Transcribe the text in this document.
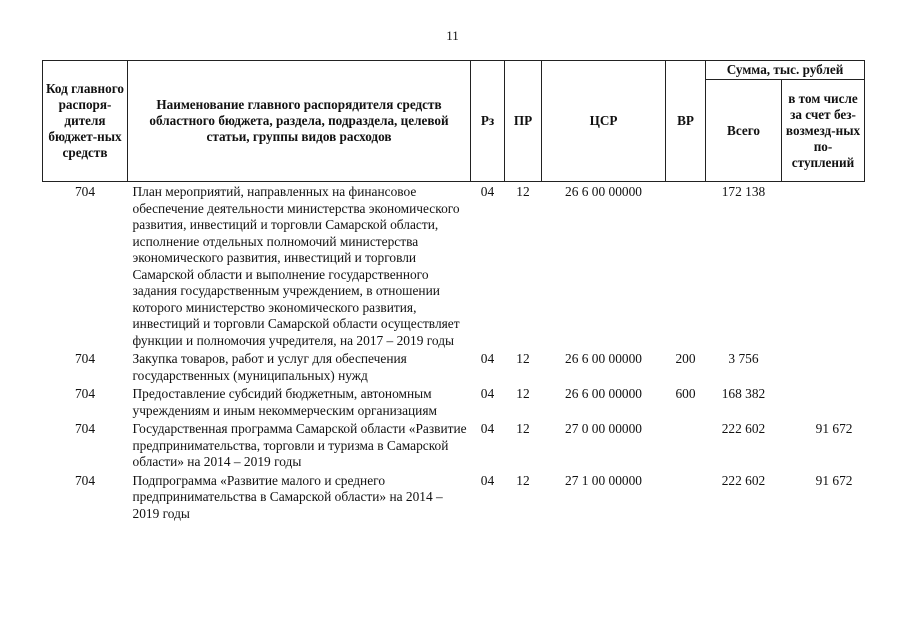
11
Код главного распоря-дителя бюджет-ных средств	Наименование главного распорядителя средств областного бюджета, раздела, подраздела, целевой статьи, группы видов расходов	Рз	ПР	ЦСР	ВР	Сумма, тыс. рублей	
						Всего	в том числе за счет без-возмезд-ных по-ступлений
704	План мероприятий, направленных на финансовое обеспечение деятельности министерства экономического развития, инвестиций и торговли Самарской области, исполнение отдельных полномочий министерства экономического развития, инвестиций и торговли Самарской области и выполнение государственного задания государственным учреждением, в отношении которого министерство экономического развития, инвестиций и торговли Самарской области осуществляет функции и полномочия учредителя, на 2017 – 2019 годы	04	12	26 6 00 00000		172 138	
704	Закупка товаров, работ и услуг для обеспечения государственных (муниципальных) нужд	04	12	26 6 00 00000	200	3 756	
704	Предоставление субсидий бюджетным, автономным учреждениям и иным некоммерческим организациям	04	12	26 6 00 00000	600	168 382	
704	Государственная программа Самарской области «Развитие предпринимательства, торговли и туризма в Самарской области» на 2014 – 2019 годы	04	12	27 0 00 00000		222 602	91 672
704	Подпрограмма «Развитие малого и среднего предпринимательства в Самарской области» на 2014 – 2019 годы	04	12	27 1 00 00000		222 602	91 672
